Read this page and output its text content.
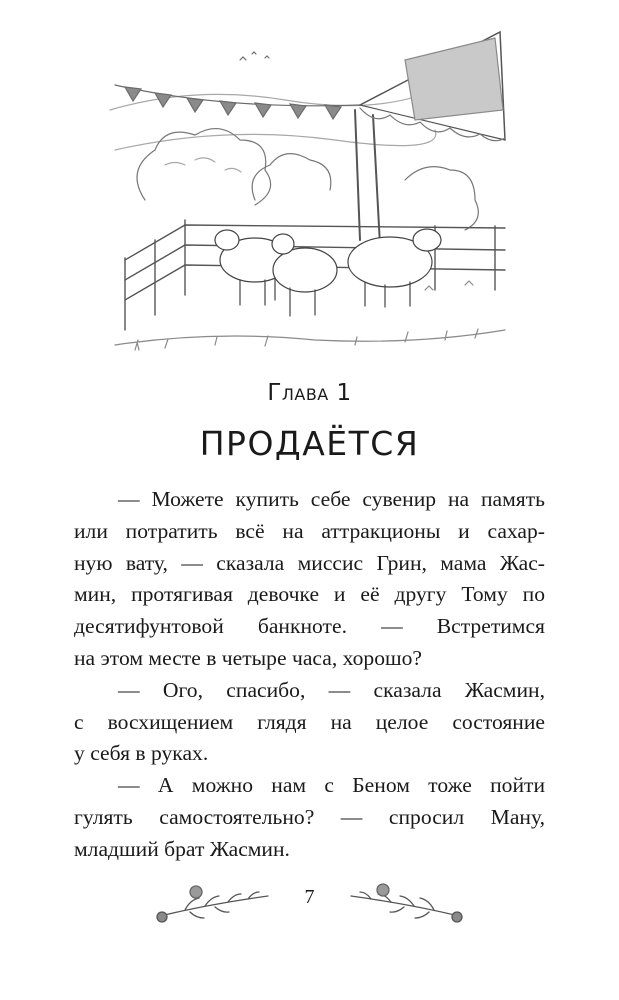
Глава 1
ПРОДАЁТСЯ
— Можете купить себе сувенир на память
или потратить всё на аттракционы и сахар-
ную вату, — сказала миссис Грин, мама Жас-
мин, протягивая девочке и её другу Тому по
десятифунтовой банкноте. — Встретимся
на этом месте в четыре часа, хорошо?
— Ого, спасибо, — сказала Жасмин,
с восхищением глядя на целое состояние
у себя в руках.
— А можно нам с Беном тоже пойти
гулять самостоятельно? — спросил Ману,
младший брат Жасмин.
7
